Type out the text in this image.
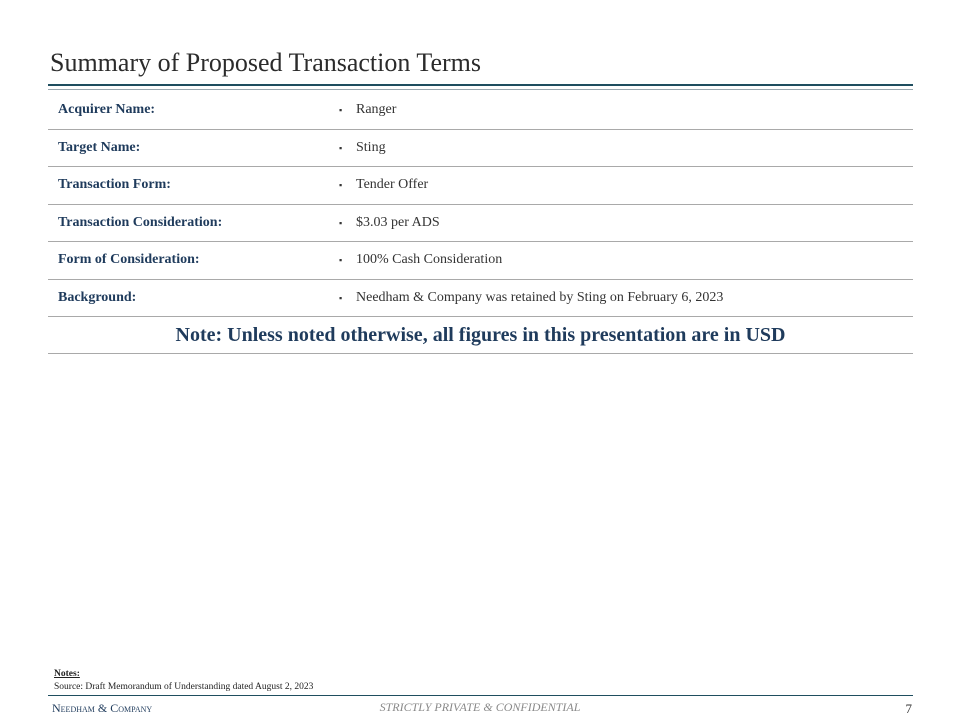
Summary of Proposed Transaction Terms
Acquirer Name:	▪ Ranger
Target Name:	▪ Sting
Transaction Form:	▪ Tender Offer
Transaction Consideration:	▪ $3.03 per ADS
Form of Consideration:	▪ 100% Cash Consideration
Background:	▪ Needham & Company was retained by Sting on February 6, 2023
Note: Unless noted otherwise, all figures in this presentation are in USD
Notes:
Source: Draft Memorandum of Understanding dated August 2, 2023
Needham & Company	STRICTLY PRIVATE & CONFIDENTIAL	7
